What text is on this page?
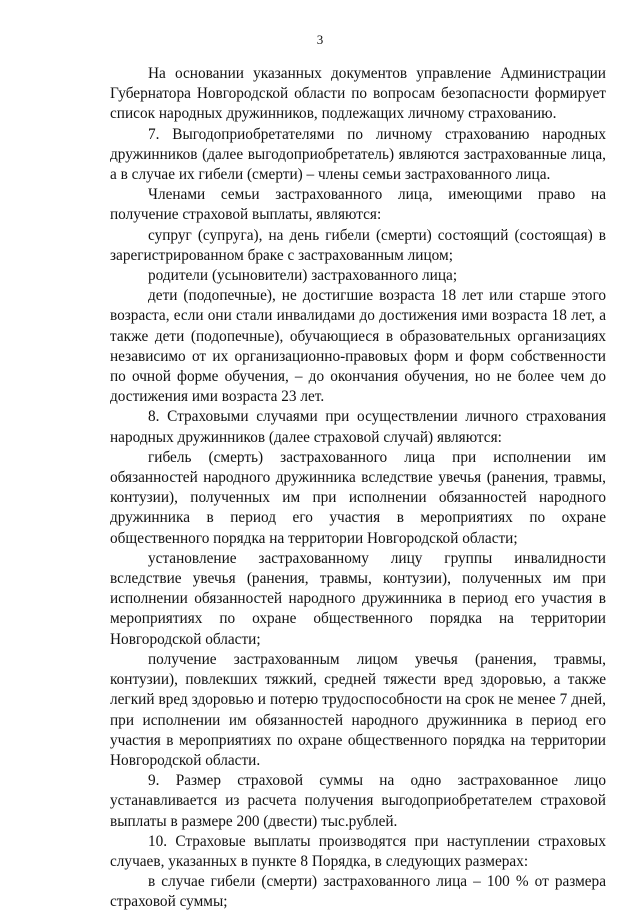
3

На основании указанных документов управление Администрации Губернатора Новгородской области по вопросам безопасности формирует список народных дружинников, подлежащих личному страхованию.

7. Выгодоприобретателями по личному страхованию народных дружинников (далее выгодоприобретатель) являются застрахованные лица, а в случае их гибели (смерти) – члены семьи застрахованного лица.

Членами семьи застрахованного лица, имеющими право на получение страховой выплаты, являются:

супруг (супруга), на день гибели (смерти) состоящий (состоящая) в зарегистрированном браке с застрахованным лицом;

родители (усыновители) застрахованного лица;

дети (подопечные), не достигшие возраста 18 лет или старше этого возраста, если они стали инвалидами до достижения ими возраста 18 лет, а также дети (подопечные), обучающиеся в образовательных организациях независимо от их организационно-правовых форм и форм собственности по очной форме обучения, – до окончания обучения, но не более чем до достижения ими возраста 23 лет.

8. Страховыми случаями при осуществлении личного страхования народных дружинников (далее страховой случай) являются:

гибель (смерть) застрахованного лица при исполнении им обязанностей народного дружинника вследствие увечья (ранения, травмы, контузии), полученных им при исполнении обязанностей народного дружинника в период его участия в мероприятиях по охране общественного порядка на территории Новгородской области;

установление застрахованному лицу группы инвалидности вследствие увечья (ранения, травмы, контузии), полученных им при исполнении обязанностей народного дружинника в период его участия в мероприятиях по охране общественного порядка на территории Новгородской области;

получение застрахованным лицом увечья (ранения, травмы, контузии), повлекших тяжкий, средней тяжести вред здоровью, а также легкий вред здоровью и потерю трудоспособности на срок не менее 7 дней, при исполнении им обязанностей народного дружинника в период его участия в мероприятиях по охране общественного порядка на территории Новгородской области.

9. Размер страховой суммы на одно застрахованное лицо устанавливается из расчета получения выгодоприобретателем страховой выплаты в размере 200 (двести) тыс.рублей.

10. Страховые выплаты производятся при наступлении страховых случаев, указанных в пункте 8 Порядка, в следующих размерах:

в случае гибели (смерти) застрахованного лица – 100 % от размера страховой суммы;
